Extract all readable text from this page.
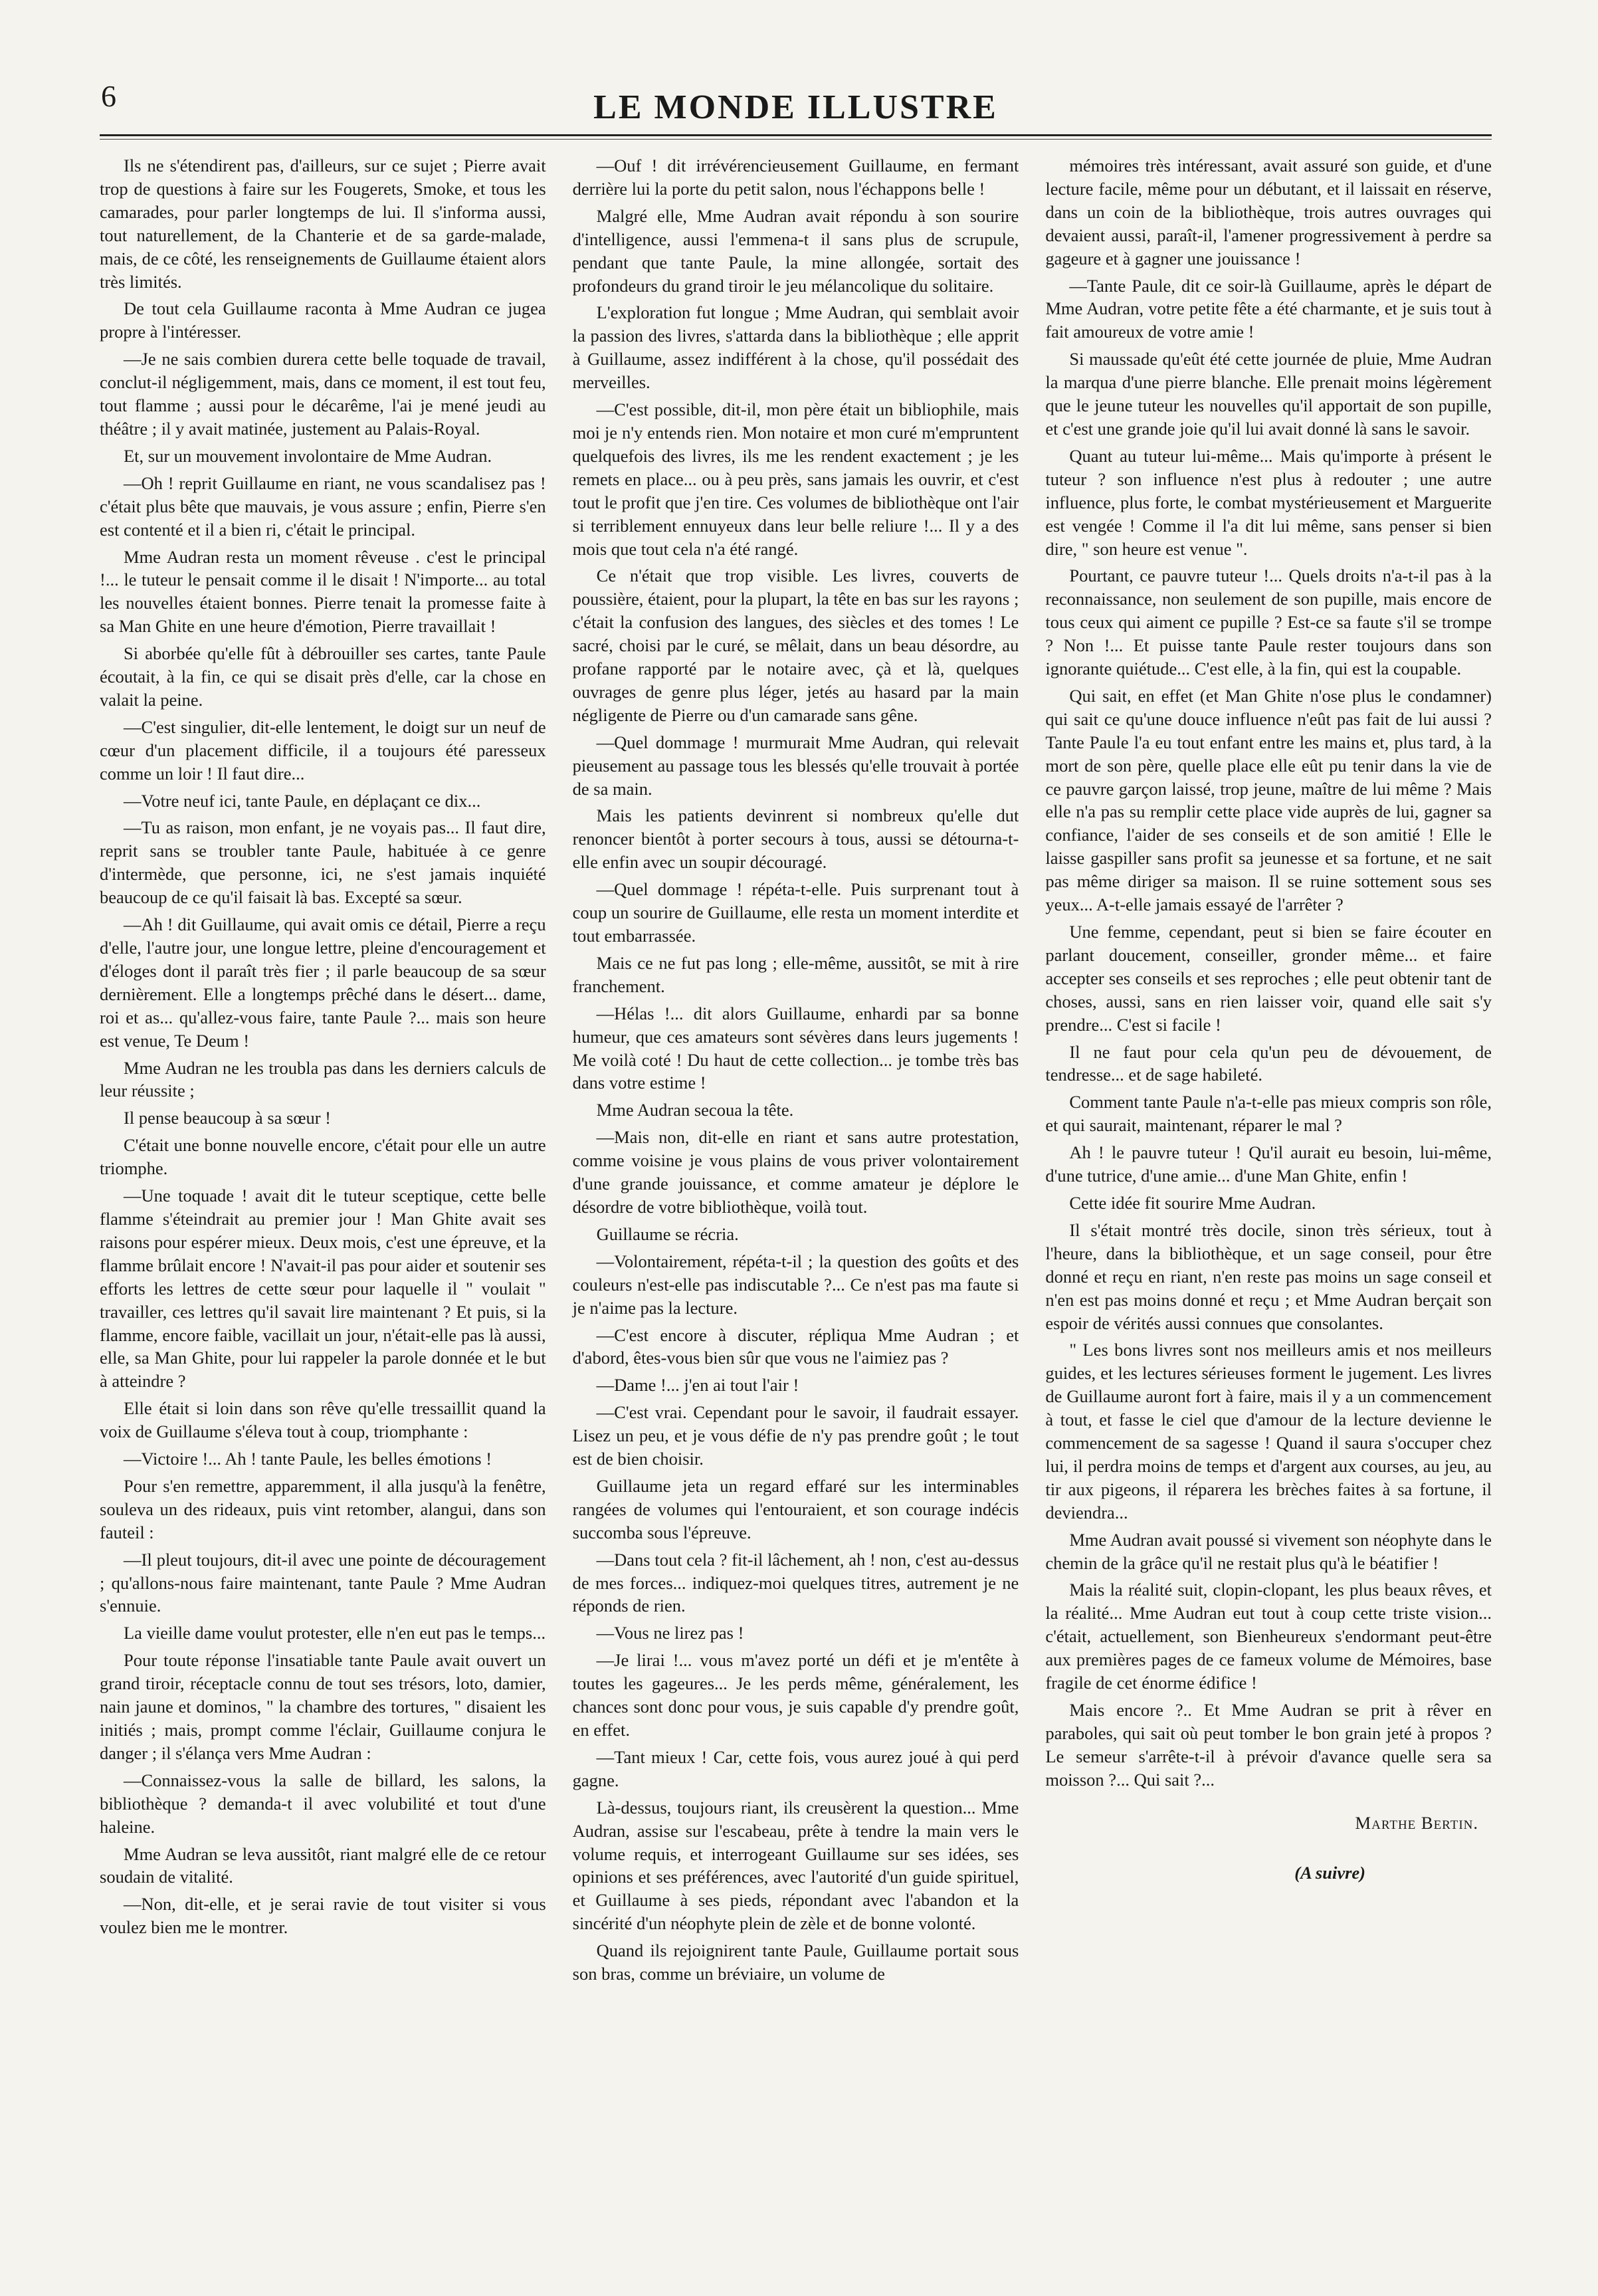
6	LE MONDE ILLUSTRE

Ils ne s'étendirent pas, d'ailleurs, sur ce sujet ; Pierre avait trop de questions à faire sur les Fougerets, Smoke, et tous les camarades, pour parler longtemps de lui. Il s'informa aussi, tout naturellement, de la Chanterie et de sa garde-malade, mais, de ce côté, les renseignements de Guillaume étaient alors très limités.

De tout cela Guillaume raconta à Mme Audran ce jugea propre à l'intéresser.

—Je ne sais combien durera cette belle toquade de travail, conclut-il négligemment, mais, dans ce moment, il est tout feu, tout flamme ; aussi pour le décarême, l'ai je mené jeudi au théâtre ; il y avait matinée, justement au Palais-Royal.

Et, sur un mouvement involontaire de Mme Audran.

—Oh ! reprit Guillaume en riant, ne vous scandalisez pas ! c'était plus bête que mauvais, je vous assure ; enfin, Pierre s'en est contenté et il a bien ri, c'était le principal.

Mme Audran resta un moment rêveuse . c'est le principal !... le tuteur le pensait comme il le disait ! N'importe... au total les nouvelles étaient bonnes. Pierre tenait la promesse faite à sa Man Ghite en une heure d'émotion, Pierre travaillait !

Si aborbée qu'elle fût à débrouiller ses cartes, tante Paule écoutait, à la fin, ce qui se disait près d'elle, car la chose en valait la peine.

—C'est singulier, dit-elle lentement, le doigt sur un neuf de cœur d'un placement difficile, il a toujours été paresseux comme un loir ! Il faut dire...

—Votre neuf ici, tante Paule, en déplaçant ce dix...

—Tu as raison, mon enfant, je ne voyais pas... Il faut dire, reprit sans se troubler tante Paule, habituée à ce genre d'intermède, que personne, ici, ne s'est jamais inquiété beaucoup de ce qu'il faisait là bas. Excepté sa sœur.

—Ah ! dit Guillaume, qui avait omis ce détail, Pierre a reçu d'elle, l'autre jour, une longue lettre, pleine d'encouragement et d'éloges dont il paraît très fier ; il parle beaucoup de sa sœur dernièrement. Elle a longtemps prêché dans le désert... dame, roi et as... qu'allez-vous faire, tante Paule ?... mais son heure est venue, Te Deum !

Mme Audran ne les troubla pas dans les derniers calculs de leur réussite ;

Il pense beaucoup à sa sœur !

C'était une bonne nouvelle encore, c'était pour elle un autre triomphe.

—Une toquade ! avait dit le tuteur sceptique, cette belle flamme s'éteindrait au premier jour ! Man Ghite avait ses raisons pour espérer mieux. Deux mois, c'est une épreuve, et la flamme brûlait encore ! N'avait-il pas pour aider et soutenir ses efforts les lettres de cette sœur pour laquelle il " voulait " travailler, ces lettres qu'il savait lire maintenant ? Et puis, si la flamme, encore faible, vacillait un jour, n'était-elle pas là aussi, elle, sa Man Ghite, pour lui rappeler la parole donnée et le but à atteindre ?

Elle était si loin dans son rêve qu'elle tressaillit quand la voix de Guillaume s'éleva tout à coup, triomphante :

—Victoire !... Ah ! tante Paule, les belles émotions !

Pour s'en remettre, apparemment, il alla jusqu'à la fenêtre, souleva un des rideaux, puis vint retomber, alangui, dans son fauteil :

—Il pleut toujours, dit-il avec une pointe de découragement ; qu'allons-nous faire maintenant, tante Paule ? Mme Audran s'ennuie.

La vieille dame voulut protester, elle n'en eut pas le temps...

Pour toute réponse l'insatiable tante Paule avait ouvert un grand tiroir, réceptacle connu de tout ses trésors, loto, damier, nain jaune et dominos, " la chambre des tortures, " disaient les initiés ; mais, prompt comme l'éclair, Guillaume conjura le danger ; il s'élança vers Mme Audran :

—Connaissez-vous la salle de billard, les salons, la bibliothèque ? demanda-t il avec volubilité et tout d'une haleine.

Mme Audran se leva aussitôt, riant malgré elle de ce retour soudain de vitalité.

—Non, dit-elle, et je serai ravie de tout visiter si vous voulez bien me le montrer.

—Ouf ! dit irrévérencieusement Guillaume, en fermant derrière lui la porte du petit salon, nous l'échappons belle !

Malgré elle, Mme Audran avait répondu à son sourire d'intelligence, aussi l'emmena-t il sans plus de scrupule, pendant que tante Paule, la mine allongée, sortait des profondeurs du grand tiroir le jeu mélancolique du solitaire.

L'exploration fut longue ; Mme Audran, qui semblait avoir la passion des livres, s'attarda dans la bibliothèque ; elle apprit à Guillaume, assez indifférent à la chose, qu'il possédait des merveilles.

—C'est possible, dit-il, mon père était un bibliophile, mais moi je n'y entends rien. Mon notaire et mon curé m'empruntent quelquefois des livres, ils me les rendent exactement ; je les remets en place... ou à peu près, sans jamais les ouvrir, et c'est tout le profit que j'en tire. Ces volumes de bibliothèque ont l'air si terriblement ennuyeux dans leur belle reliure !... Il y a des mois que tout cela n'a été rangé.

Ce n'était que trop visible. Les livres, couverts de poussière, étaient, pour la plupart, la tête en bas sur les rayons ; c'était la confusion des langues, des siècles et des tomes ! Le sacré, choisi par le curé, se mêlait, dans un beau désordre, au profane rapporté par le notaire avec, çà et là, quelques ouvrages de genre plus léger, jetés au hasard par la main négligente de Pierre ou d'un camarade sans gêne.

—Quel dommage ! murmurait Mme Audran, qui relevait pieusement au passage tous les blessés qu'elle trouvait à portée de sa main.

Mais les patients devinrent si nombreux qu'elle dut renoncer bientôt à porter secours à tous, aussi se détourna-t-elle enfin avec un soupir découragé.

—Quel dommage ! répéta-t-elle. Puis surprenant tout à coup un sourire de Guillaume, elle resta un moment interdite et tout embarrassée.

Mais ce ne fut pas long ; elle-même, aussitôt, se mit à rire franchement.

—Hélas !... dit alors Guillaume, enhardi par sa bonne humeur, que ces amateurs sont sévères dans leurs jugements ! Me voilà coté ! Du haut de cette collection... je tombe très bas dans votre estime !

Mme Audran secoua la tête.

—Mais non, dit-elle en riant et sans autre protestation, comme voisine je vous plains de vous priver volontairement d'une grande jouissance, et comme amateur je déplore le désordre de votre bibliothèque, voilà tout.

Guillaume se récria.

—Volontairement, répéta-t-il ; la question des goûts et des couleurs n'est-elle pas indiscutable ?... Ce n'est pas ma faute si je n'aime pas la lecture.

—C'est encore à discuter, répliqua Mme Audran ; et d'abord, êtes-vous bien sûr que vous ne l'aimiez pas ?

—Dame !... j'en ai tout l'air !

—C'est vrai. Cependant pour le savoir, il faudrait essayer. Lisez un peu, et je vous défie de n'y pas prendre goût ; le tout est de bien choisir.

Guillaume jeta un regard effaré sur les interminables rangées de volumes qui l'entouraient, et son courage indécis succomba sous l'épreuve.

—Dans tout cela ? fit-il lâchement, ah ! non, c'est au-dessus de mes forces... indiquez-moi quelques titres, autrement je ne réponds de rien.

—Vous ne lirez pas !

—Je lirai !... vous m'avez porté un défi et je m'entête à toutes les gageures... Je les perds même, généralement, les chances sont donc pour vous, je suis capable d'y prendre goût, en effet.

—Tant mieux ! Car, cette fois, vous aurez joué à qui perd gagne.

Là-dessus, toujours riant, ils creusèrent la question... Mme Audran, assise sur l'escabeau, prête à tendre la main vers le volume requis, et interrogeant Guillaume sur ses idées, ses opinions et ses préférences, avec l'autorité d'un guide spirituel, et Guillaume à ses pieds, répondant avec l'abandon et la sincérité d'un néophyte plein de zèle et de bonne volonté.

Quand ils rejoignirent tante Paule, Guillaume portait sous son bras, comme un bréviaire, un volume de

mémoires très intéressant, avait assuré son guide, et d'une lecture facile, même pour un débutant, et il laissait en réserve, dans un coin de la bibliothèque, trois autres ouvrages qui devaient aussi, paraît-il, l'amener progressivement à perdre sa gageure et à gagner une jouissance !

—Tante Paule, dit ce soir-là Guillaume, après le départ de Mme Audran, votre petite fête a été charmante, et je suis tout à fait amoureux de votre amie !

Si maussade qu'eût été cette journée de pluie, Mme Audran la marqua d'une pierre blanche. Elle prenait moins légèrement que le jeune tuteur les nouvelles qu'il apportait de son pupille, et c'est une grande joie qu'il lui avait donné là sans le savoir.

Quant au tuteur lui-même... Mais qu'importe à présent le tuteur ? son influence n'est plus à redouter ; une autre influence, plus forte, le combat mystérieusement et Marguerite est vengée ! Comme il l'a dit lui même, sans penser si bien dire, " son heure est venue ".

Pourtant, ce pauvre tuteur !... Quels droits n'a-t-il pas à la reconnaissance, non seulement de son pupille, mais encore de tous ceux qui aiment ce pupille ? Est-ce sa faute s'il se trompe ? Non !... Et puisse tante Paule rester toujours dans son ignorante quiétude... C'est elle, à la fin, qui est la coupable.

Qui sait, en effet (et Man Ghite n'ose plus le condamner) qui sait ce qu'une douce influence n'eût pas fait de lui aussi ? Tante Paule l'a eu tout enfant entre les mains et, plus tard, à la mort de son père, quelle place elle eût pu tenir dans la vie de ce pauvre garçon laissé, trop jeune, maître de lui même ? Mais elle n'a pas su remplir cette place vide auprès de lui, gagner sa confiance, l'aider de ses conseils et de son amitié ! Elle le laisse gaspiller sans profit sa jeunesse et sa fortune, et ne sait pas même diriger sa maison. Il se ruine sottement sous ses yeux... A-t-elle jamais essayé de l'arrêter ?

Une femme, cependant, peut si bien se faire écouter en parlant doucement, conseiller, gronder même... et faire accepter ses conseils et ses reproches ; elle peut obtenir tant de choses, aussi, sans en rien laisser voir, quand elle sait s'y prendre... C'est si facile !

Il ne faut pour cela qu'un peu de dévouement, de tendresse... et de sage habileté.

Comment tante Paule n'a-t-elle pas mieux compris son rôle, et qui saurait, maintenant, réparer le mal ?

Ah ! le pauvre tuteur ! Qu'il aurait eu besoin, lui-même, d'une tutrice, d'une amie... d'une Man Ghite, enfin !

Cette idée fit sourire Mme Audran.

Il s'était montré très docile, sinon très sérieux, tout à l'heure, dans la bibliothèque, et un sage conseil, pour être donné et reçu en riant, n'en reste pas moins un sage conseil et n'en est pas moins donné et reçu ; et Mme Audran berçait son espoir de vérités aussi connues que consolantes.

" Les bons livres sont nos meilleurs amis et nos meilleurs guides, et les lectures sérieuses forment le jugement. Les livres de Guillaume auront fort à faire, mais il y a un commencement à tout, et fasse le ciel que d'amour de la lecture devienne le commencement de sa sagesse ! Quand il saura s'occuper chez lui, il perdra moins de temps et d'argent aux courses, au jeu, au tir aux pigeons, il réparera les brèches faites à sa fortune, il deviendra...

Mme Audran avait poussé si vivement son néophyte dans le chemin de la grâce qu'il ne restait plus qu'à le béatifier !

Mais la réalité suit, clopin-clopant, les plus beaux rêves, et la réalité... Mme Audran eut tout à coup cette triste vision... c'était, actuellement, son Bienheureux s'endormant peut-être aux premières pages de ce fameux volume de Mémoires, base fragile de cet énorme édifice !

Mais encore ?.. Et Mme Audran se prit à rêver en paraboles, qui sait où peut tomber le bon grain jeté à propos ? Le semeur s'arrête-t-il à prévoir d'avance quelle sera sa moisson ?... Qui sait ?...

Marthe Bertin.
(A suivre)
